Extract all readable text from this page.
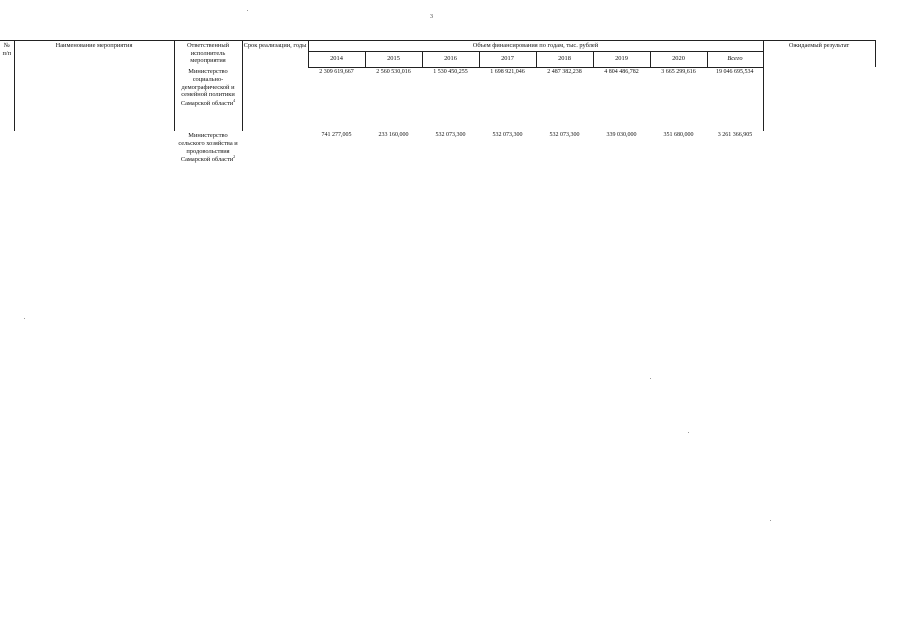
3
№ п/п	Наименование мероприятия	Ответственный исполнитель мероприятия	Срок реализации, годы	Объем финансирования по годам, тыс. рублей								Ожидаемый результат
				2014	2015	2016	2017	2018	2019	2020	Всего	
		Министерство социально-демографической и семейной политики Самарской области$^4$		2 309 619,667	2 560 530,016	1 530 450,255	1 698 921,046	2 487 382,238	4 804 486,782	3 665 299,616	19 046 695,534	
		Министерство сельского хозяйства и продовольствия Самарской области$^2$		741 277,005	233 160,000	532 073,300	532 073,300	532 073,300	339 030,000	351 680,000	3 261 366,905	
